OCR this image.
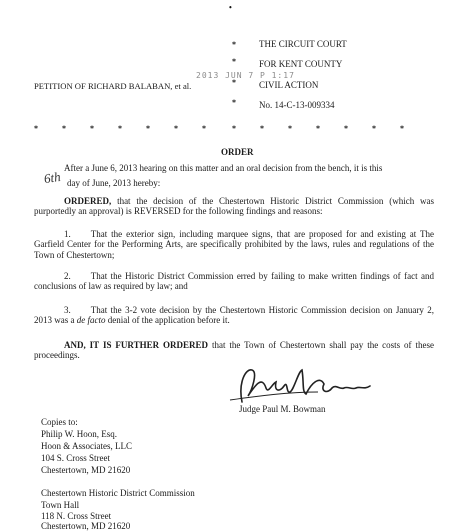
•
*
*
*
*
THE CIRCUIT COURT
FOR KENT COUNTY
CIVIL ACTION
No. 14-C-13-009334
2013 JUN 7 P 1:17
PETITION OF RICHARD BALABAN, et al.
*	*	*	*	*	*	*	*	*	*	*	*	*	*
ORDER
After a June 6, 2013 hearing on this matter and an oral decision from the bench, it is this
6th day of June, 2013 hereby:
ORDERED, that the decision of the Chestertown Historic District Commission (which was purportedly an approval) is REVERSED for the following findings and reasons:
1. That the exterior sign, including marquee signs, that are proposed for and existing at The Garfield Center for the Performing Arts, are specifically prohibited by the laws, rules and regulations of the Town of Chestertown;
2. That the Historic District Commission erred by failing to make written findings of fact and conclusions of law as required by law; and
3. That the 3-2 vote decision by the Chestertown Historic Commission decision on January 2, 2013 was a de facto denial of the application before it.
AND, IT IS FURTHER ORDERED that the Town of Chestertown shall pay the costs of these proceedings.
Judge Paul M. Bowman
Copies to:
Philip W. Hoon, Esq.
Hoon & Associates, LLC
104 S. Cross Street
Chestertown, MD 21620
Chestertown Historic District Commission
Town Hall
118 N. Cross Street
Chestertown, MD 21620
